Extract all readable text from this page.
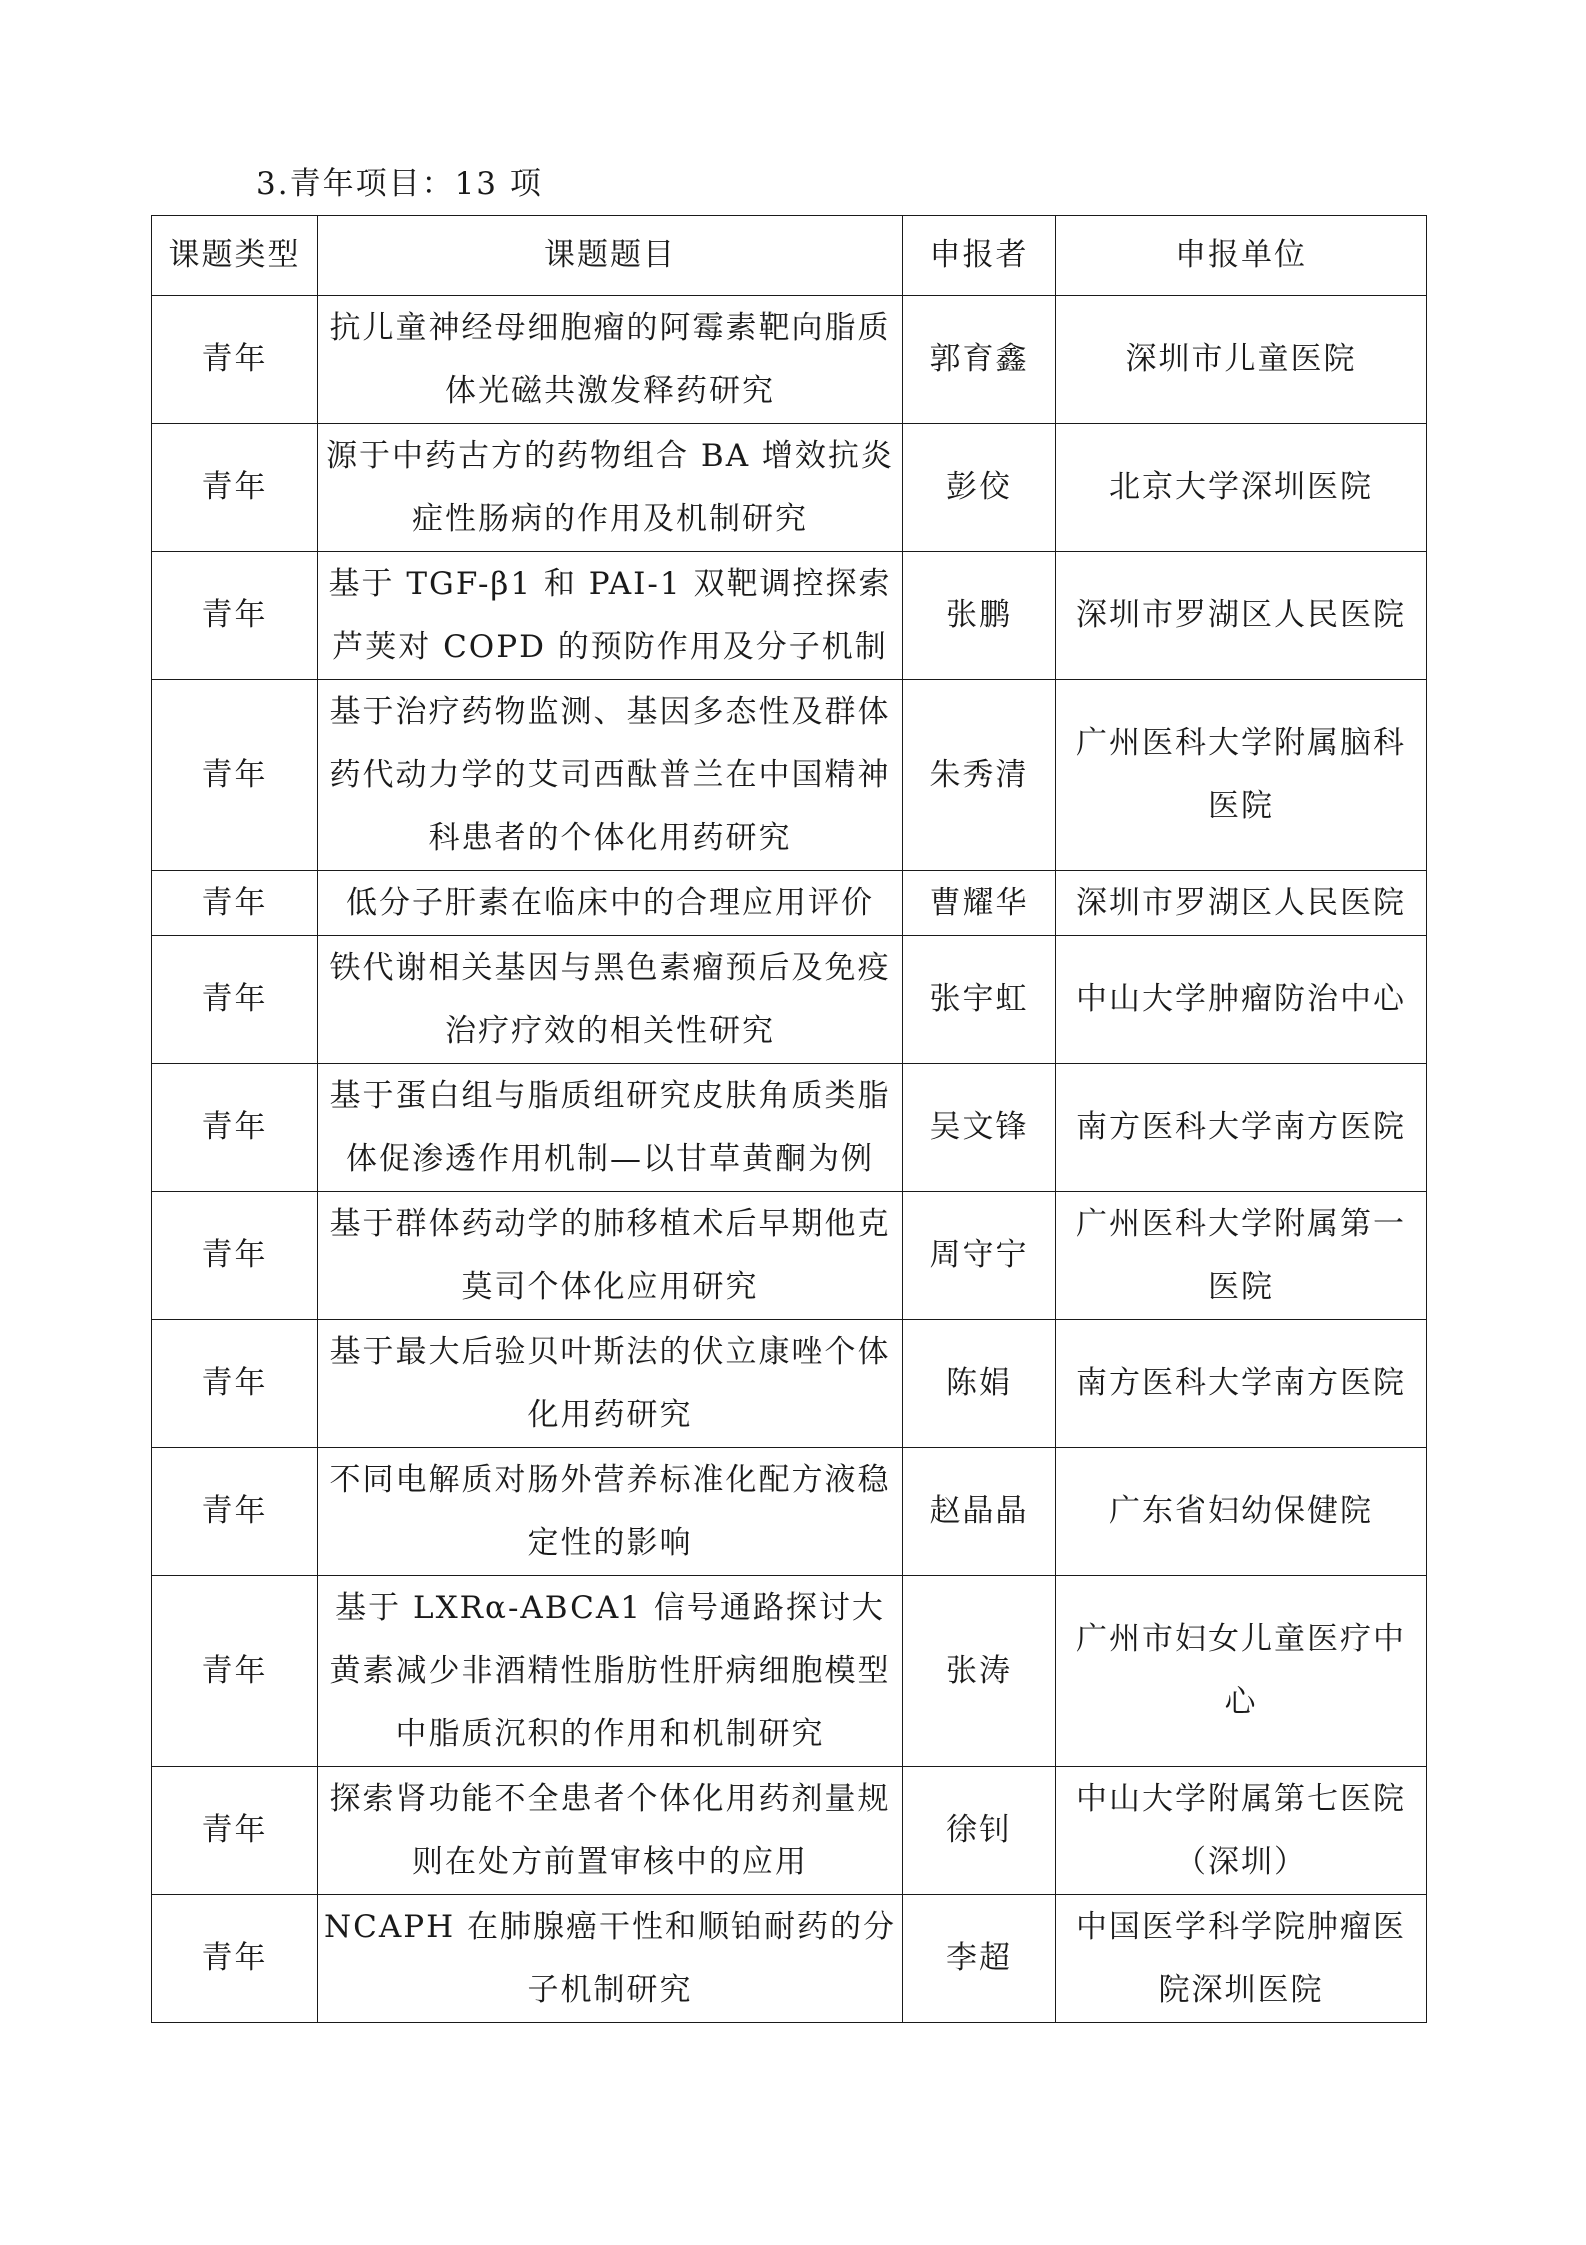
3.青年项目：13 项
课题类型	课题题目	申报者	申报单位
青年	抗儿童神经母细胞瘤的阿霉素靶向脂质体光磁共激发释药研究	郭育鑫	深圳市儿童医院
青年	源于中药古方的药物组合 BA 增效抗炎症性肠病的作用及机制研究	彭佼	北京大学深圳医院
青年	基于 TGF-β1 和 PAI-1 双靶调控探索芦荚对 COPD 的预防作用及分子机制	张鹏	深圳市罗湖区人民医院
青年	基于治疗药物监测、基因多态性及群体药代动力学的艾司西酞普兰在中国精神科患者的个体化用药研究	朱秀清	广州医科大学附属脑科医院
青年	低分子肝素在临床中的合理应用评价	曹耀华	深圳市罗湖区人民医院
青年	铁代谢相关基因与黑色素瘤预后及免疫治疗疗效的相关性研究	张宇虹	中山大学肿瘤防治中心
青年	基于蛋白组与脂质组研究皮肤角质类脂体促渗透作用机制—以甘草黄酮为例	吴文锋	南方医科大学南方医院
青年	基于群体药动学的肺移植术后早期他克莫司个体化应用研究	周守宁	广州医科大学附属第一医院
青年	基于最大后验贝叶斯法的伏立康唑个体化用药研究	陈娟	南方医科大学南方医院
青年	不同电解质对肠外营养标准化配方液稳定性的影响	赵晶晶	广东省妇幼保健院
青年	基于 LXRα-ABCA1 信号通路探讨大黄素减少非酒精性脂肪性肝病细胞模型中脂质沉积的作用和机制研究	张涛	广州市妇女儿童医疗中心
青年	探索肾功能不全患者个体化用药剂量规则在处方前置审核中的应用	徐钊	中山大学附属第七医院（深圳）
青年	NCAPH 在肺腺癌干性和顺铂耐药的分子机制研究	李超	中国医学科学院肿瘤医院深圳医院
